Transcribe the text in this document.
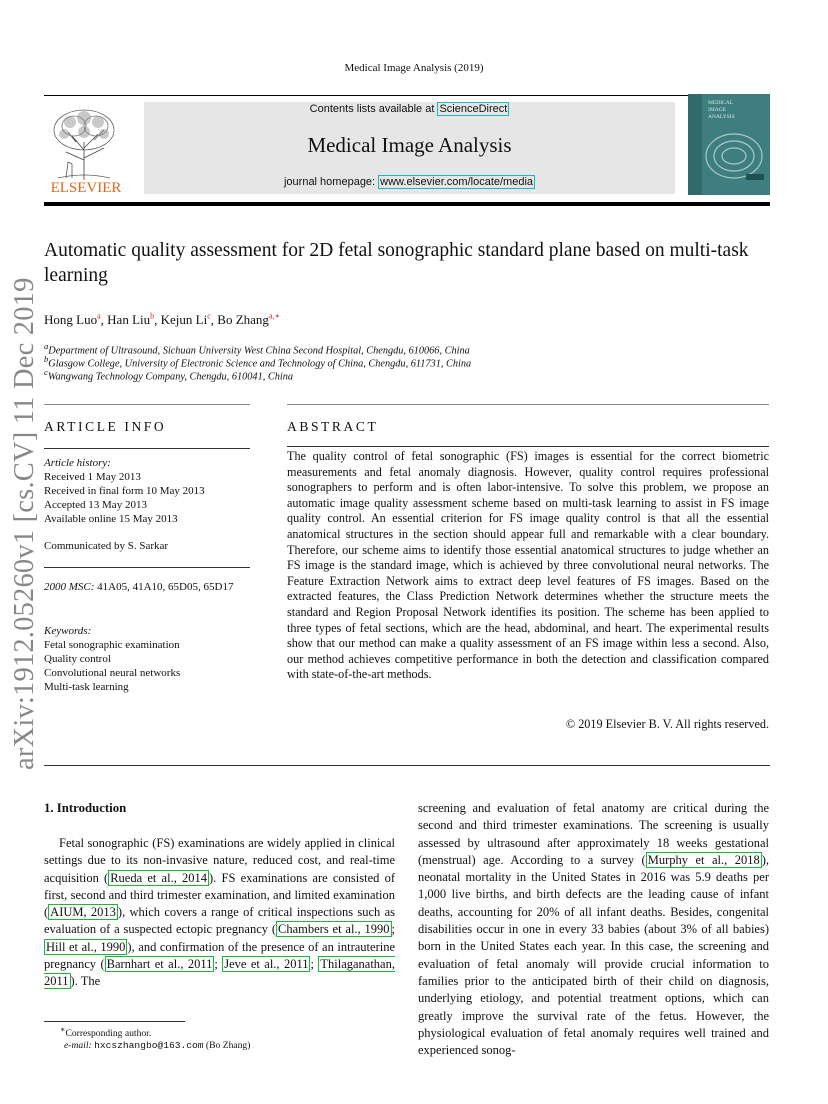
Medical Image Analysis (2019)
ELSEVIER
Contents lists available at ScienceDirect
Medical Image Analysis
journal homepage: www.elsevier.com/locate/media
MEDICAL
IMAGE
ANALYSIS
Automatic quality assessment for 2D fetal sonographic standard plane based on multi-task learning
Hong Luo$^a$, Han Liu$^b$, Kejun Li$^c$, Bo Zhang$^{a,∗}$
$^a$Department of Ultrasound, Sichuan University West China Second Hospital, Chengdu, 610066, China
$^b$Glasgow College, University of Electronic Science and Technology of China, Chengdu, 611731, China
$^c$Wangwang Technology Company, Chengdu, 610041, China
arXiv:1912.05260v1 [cs.CV] 11 Dec 2019 ARTICLE INFO	ABSTRACT
Article history:
Received 1 May 2013
Received in final form 10 May 2013
Accepted 13 May 2013
Available online 15 May 2013
Communicated by S. Sarkar
2000 MSC: 41A05, 41A10, 65D05, 65D17
Keywords:
Fetal sonographic examination
Quality control
Convolutional neural networks
Multi-task learning
The quality control of fetal sonographic (FS) images is essential for the correct biometric measurements and fetal anomaly diagnosis. However, quality control requires professional sonographers to perform and is often labor-intensive. To solve this problem, we propose an automatic image quality assessment scheme based on multi-task learning to assist in FS image quality control. An essential criterion for FS image quality control is that all the essential anatomical structures in the section should appear full and remarkable with a clear boundary. Therefore, our scheme aims to identify those essential anatomical structures to judge whether an FS image is the standard image, which is achieved by three convolutional neural networks. The Feature Extraction Network aims to extract deep level features of FS images. Based on the extracted features, the Class Prediction Network determines whether the structure meets the standard and Region Proposal Network identifies its position. The scheme has been applied to three types of fetal sections, which are the head, abdominal, and heart. The experimental results show that our method can make a quality assessment of an FS image within less a second. Also, our method achieves competitive performance in both the detection and classification compared with state-of-the-art methods.
© 2019 Elsevier B. V. All rights reserved.
1. Introduction
Fetal sonographic (FS) examinations are widely applied in clinical settings due to its non-invasive nature, reduced cost, and real-time acquisition ( Rueda et al., 2014 ). FS examinations are consisted of first, second and third trimester examination, and limited examination ( AIUM, 2013 ), which covers a range of critical inspections such as evaluation of a suspected ectopic pregnancy ( Chambers et al., 1990 ; Hill et al., 1990 ), and confirmation of the presence of an intrauterine pregnancy ( Barnhart et al., 2011 ; Jeve et al., 2011 ; Thilaganathan, 2011 ). The
screening and evaluation of fetal anatomy are critical during the second and third trimester examinations. The screening is usually assessed by ultrasound after approximately 18 weeks gestational (menstrual) age. According to a survey ( Murphy et al., 2018 ), neonatal mortality in the United States in 2016 was 5.9 deaths per 1,000 live births, and birth defects are the leading cause of infant deaths, accounting for 20% of all infant deaths. Besides, congenital disabilities occur in one in every 33 babies (about 3% of all babies) born in the United States each year. In this case, the screening and evaluation of fetal anomaly will provide crucial information to families prior to the anticipated birth of their child on diagnosis, underlying etiology, and potential treatment options, which can greatly improve the survival rate of the fetus. However, the physiological evaluation of fetal anomaly requires well trained and experienced sonog-
∗Corresponding author.
e-mail: hxcszhangbo@163.com (Bo Zhang)
